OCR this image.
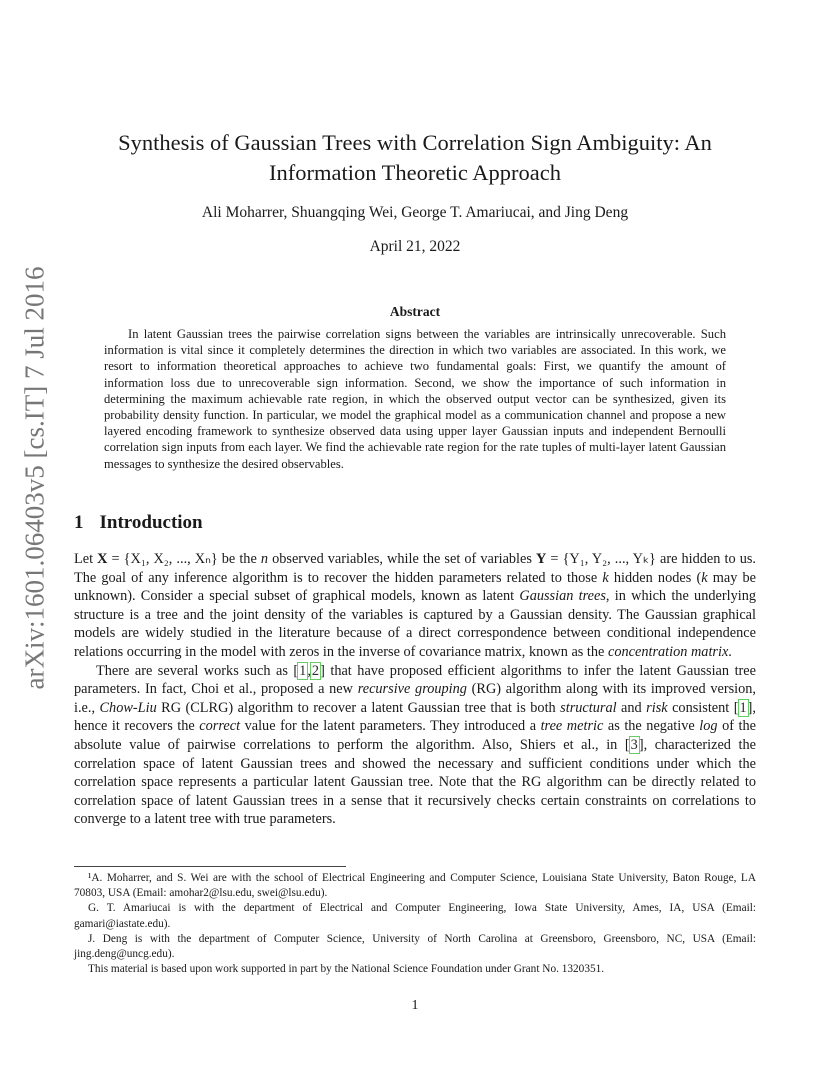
arXiv:1601.06403v5 [cs.IT] 7 Jul 2016
Synthesis of Gaussian Trees with Correlation Sign Ambiguity: An Information Theoretic Approach
Ali Moharrer, Shuangqing Wei, George T. Amariucai, and Jing Deng
April 21, 2022
Abstract

In latent Gaussian trees the pairwise correlation signs between the variables are intrinsically unrecoverable. Such information is vital since it completely determines the direction in which two variables are associated. In this work, we resort to information theoretical approaches to achieve two fundamental goals: First, we quantify the amount of information loss due to unrecoverable sign information. Second, we show the importance of such information in determining the maximum achievable rate region, in which the observed output vector can be synthesized, given its probability density function. In particular, we model the graphical model as a communication channel and propose a new layered encoding framework to synthesize observed data using upper layer Gaussian inputs and independent Bernoulli correlation sign inputs from each layer. We find the achievable rate region for the rate tuples of multi-layer latent Gaussian messages to synthesize the desired observables.

1 Introduction

Let X = {X₁, X₂, ..., Xₙ} be the n observed variables, while the set of variables Y = {Y₁, Y₂, ..., Yₖ} are hidden to us. The goal of any inference algorithm is to recover the hidden parameters related to those k hidden nodes (k may be unknown). Consider a special subset of graphical models, known as latent Gaussian trees, in which the underlying structure is a tree and the joint density of the variables is captured by a Gaussian density. The Gaussian graphical models are widely studied in the literature because of a direct correspondence between conditional independence relations occurring in the model with zeros in the inverse of covariance matrix, known as the concentration matrix.

There are several works such as [1,2] that have proposed efficient algorithms to infer the latent Gaussian tree parameters. In fact, Choi et al., proposed a new recursive grouping (RG) algorithm along with its improved version, i.e., Chow-Liu RG (CLRG) algorithm to recover a latent Gaussian tree that is both structural and risk consistent [1], hence it recovers the correct value for the latent parameters. They introduced a tree metric as the negative log of the absolute value of pairwise correlations to perform the algorithm. Also, Shiers et al., in [3], characterized the correlation space of latent Gaussian trees and showed the necessary and sufficient conditions under which the correlation space represents a particular latent Gaussian tree. Note that the RG algorithm can be directly related to correlation space of latent Gaussian trees in a sense that it recursively checks certain constraints on correlations to converge to a latent tree with true parameters.

¹A. Moharrer, and S. Wei are with the school of Electrical Engineering and Computer Science, Louisiana State University, Baton Rouge, LA 70803, USA (Email: amohar2@lsu.edu, swei@lsu.edu).

G. T. Amariucai is with the department of Electrical and Computer Engineering, Iowa State University, Ames, IA, USA (Email: gamari@iastate.edu).

J. Deng is with the department of Computer Science, University of North Carolina at Greensboro, Greensboro, NC, USA (Email: jing.deng@uncg.edu).

This material is based upon work supported in part by the National Science Foundation under Grant No. 1320351.

1
